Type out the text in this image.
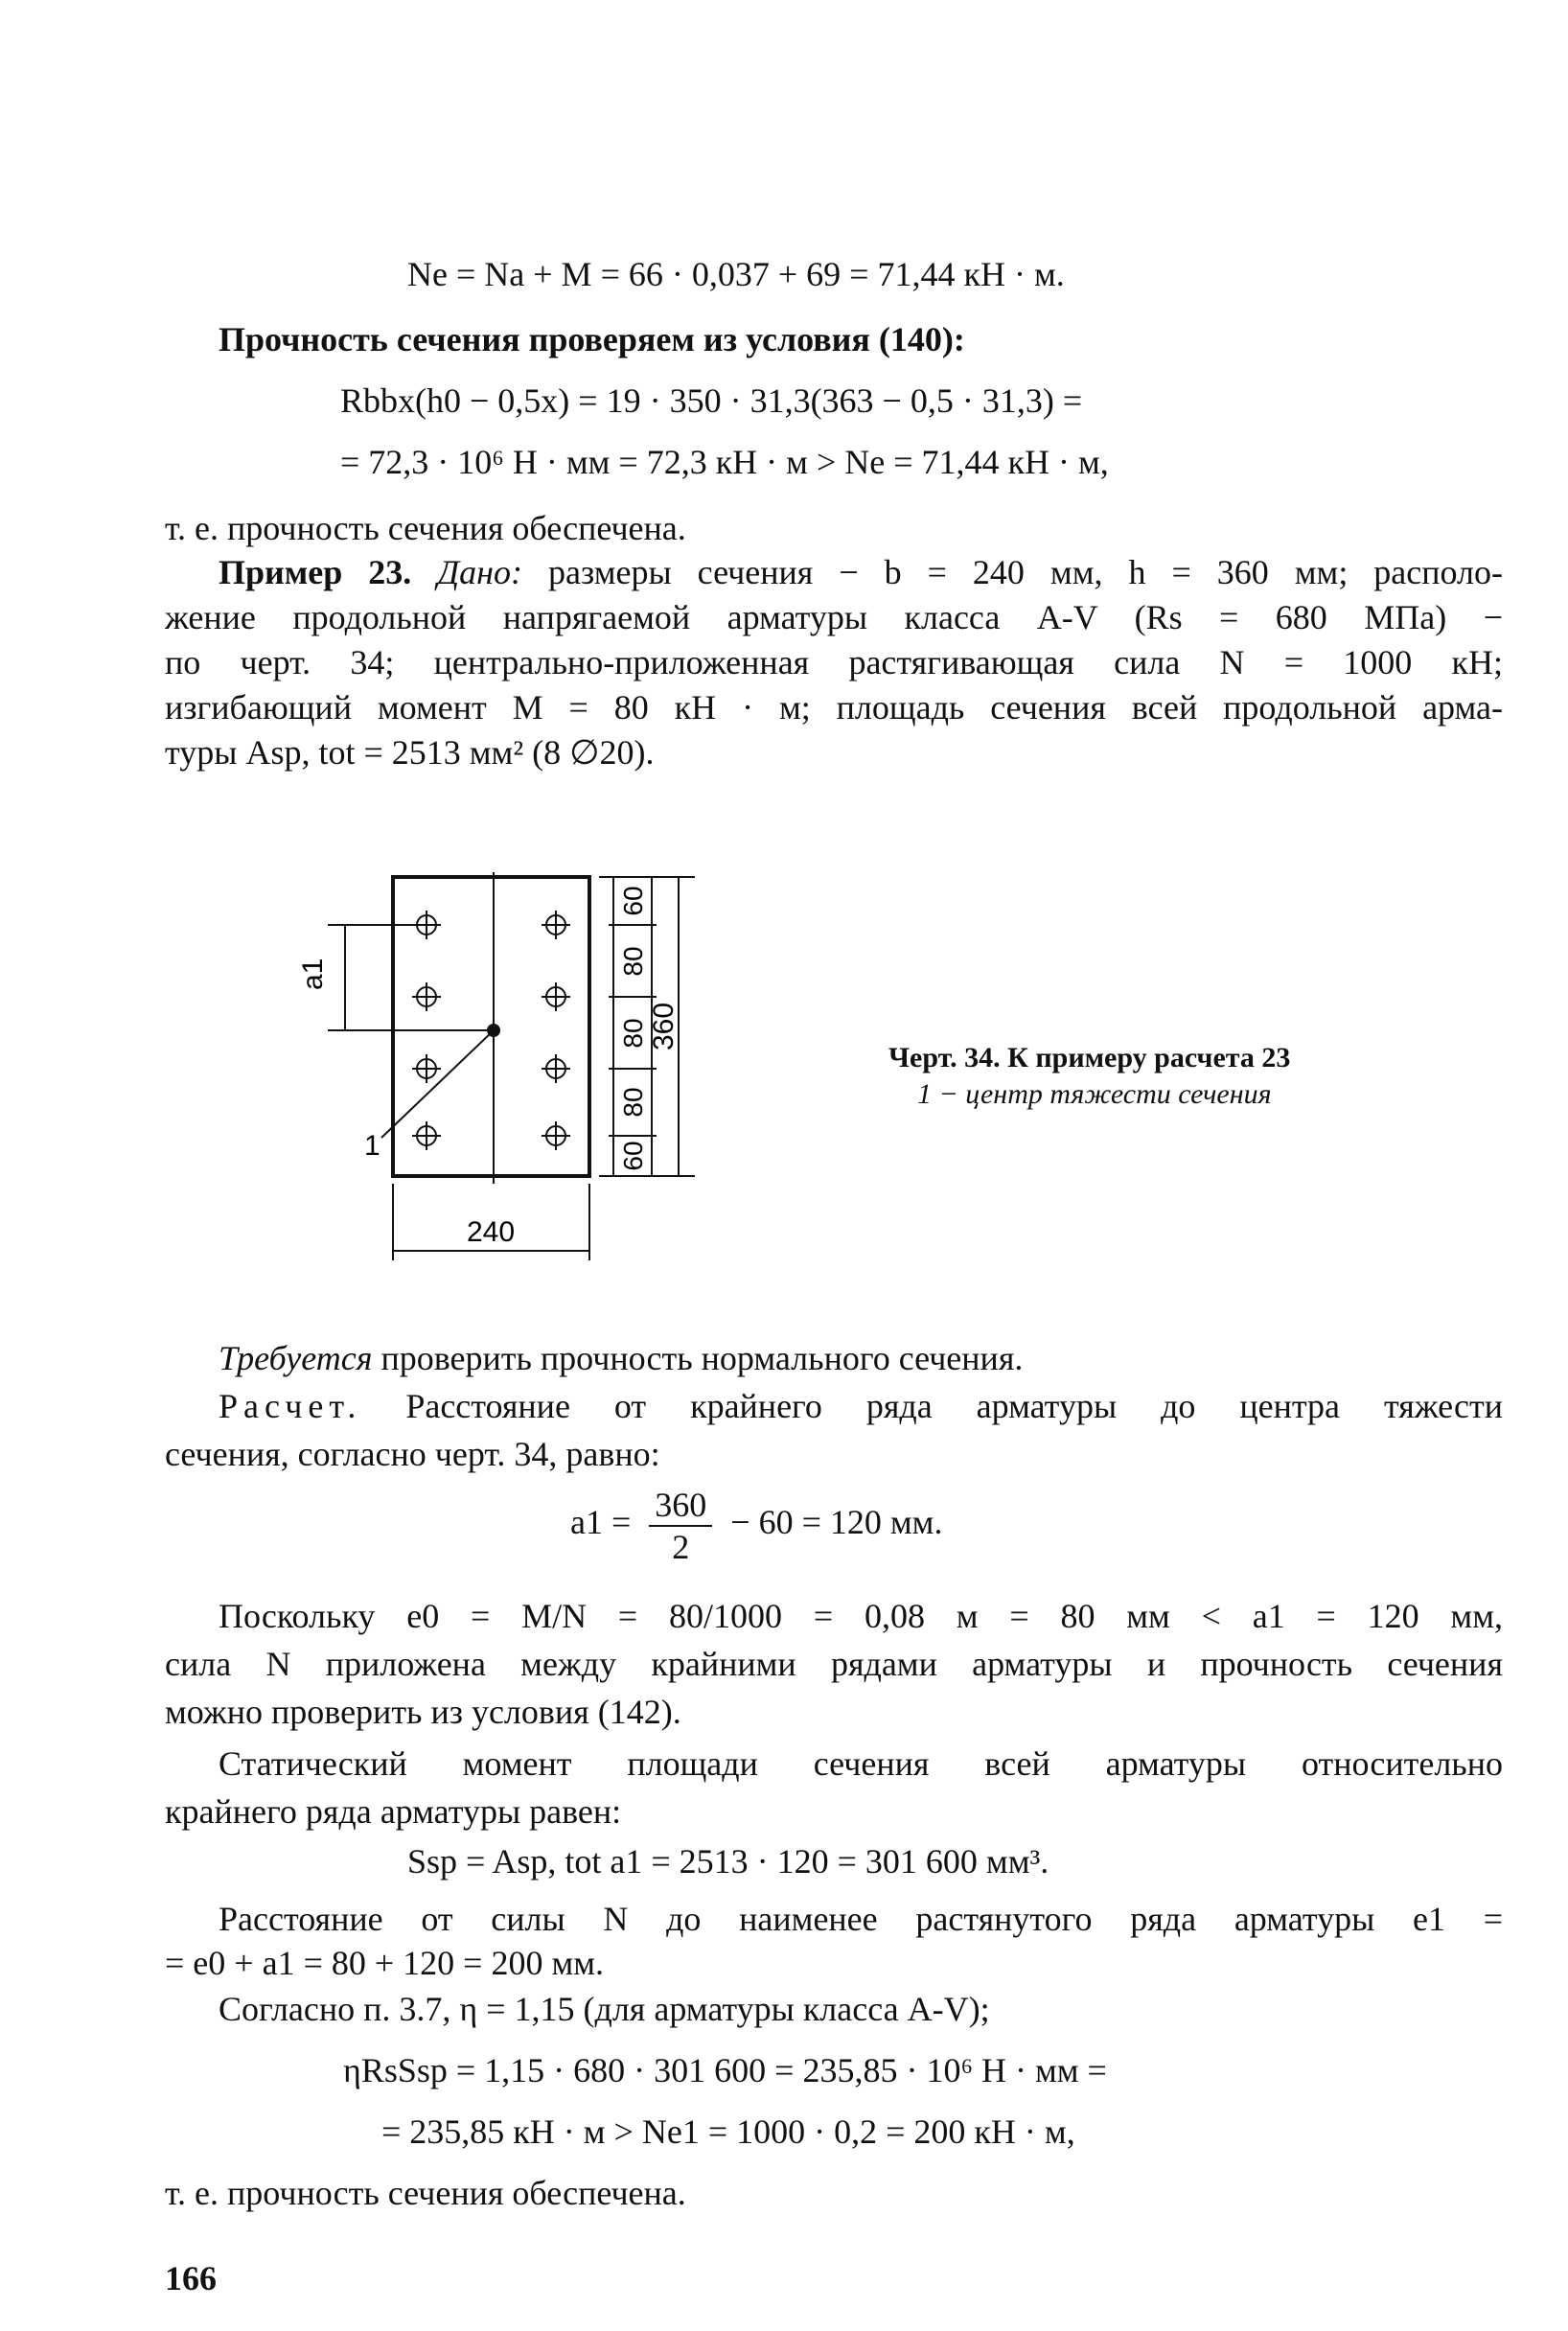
Ne = Na + M = 66 · 0,037 + 69 = 71,44 кН · м.
Прочность сечения проверяем из условия (140):
Rbbx(h0 − 0,5x) = 19 · 350 · 31,3(363 − 0,5 · 31,3) =
= 72,3 · 10⁶ Н · мм = 72,3 кН · м > Ne = 71,44 кН · м,
т. е. прочность сечения обеспечена.
Пример 23. Дано: размеры сечения − b = 240 мм, h = 360 мм; располо-
жение продольной напрягаемой арматуры класса A-V (Rs = 680 МПа) −
по черт. 34; центрально-приложенная растягивающая сила N = 1000 кН;
изгибающий момент M = 80 кН · м; площадь сечения всей продольной арма-
туры Asp, tot = 2513 мм² (8 ∅20).
1
a1
60
80
80
80
60
360
240
Черт. 34. К примеру расчета 23
1 − центр тяжести сечения
Требуется проверить прочность нормального сечения.
Расчет. Расстояние от крайнего ряда арматуры до центра тяжести
сечения, согласно черт. 34, равно:
$a1 = \frac{360}{2} - 60 = 120$ мм.
Поскольку e0 = M/N = 80/1000 = 0,08 м = 80 мм < a1 = 120 мм,
сила N приложена между крайними рядами арматуры и прочность сечения
можно проверить из условия (142).
Статический момент площади сечения всей арматуры относительно
крайнего ряда арматуры равен:
Ssp = Asp, tot a1 = 2513 · 120 = 301 600 мм³.
Расстояние от силы N до наименее растянутого ряда арматуры e1 =
= e0 + a1 = 80 + 120 = 200 мм.
Согласно п. 3.7, η = 1,15 (для арматуры класса A-V);
ηRsSsp = 1,15 · 680 · 301 600 = 235,85 · 10⁶ Н · мм =
= 235,85 кН · м > Ne1 = 1000 · 0,2 = 200 кН · м,
т. е. прочность сечения обеспечена.
166
